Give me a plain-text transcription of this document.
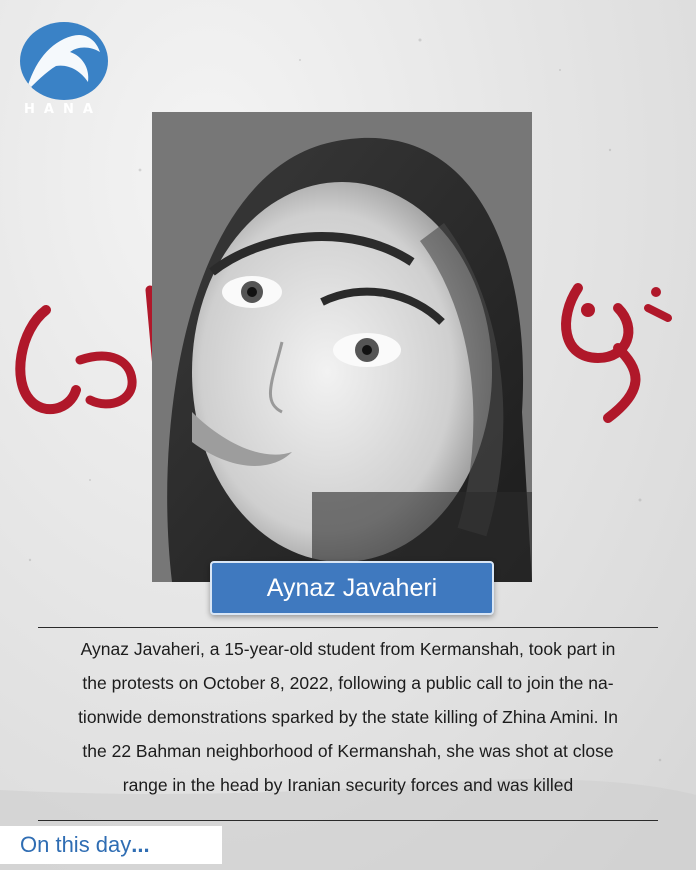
HANA
Aynaz Javaheri
Aynaz Javaheri, a 15-year-old student from Kermanshah, took part in
the protests on October 8, 2022, following a public call to join the na-
tionwide demonstrations sparked by the state killing of Zhina Amini. In
the 22 Bahman neighborhood of Kermanshah, she was shot at close
range in the head by Iranian security forces and was killed
On this day ...
